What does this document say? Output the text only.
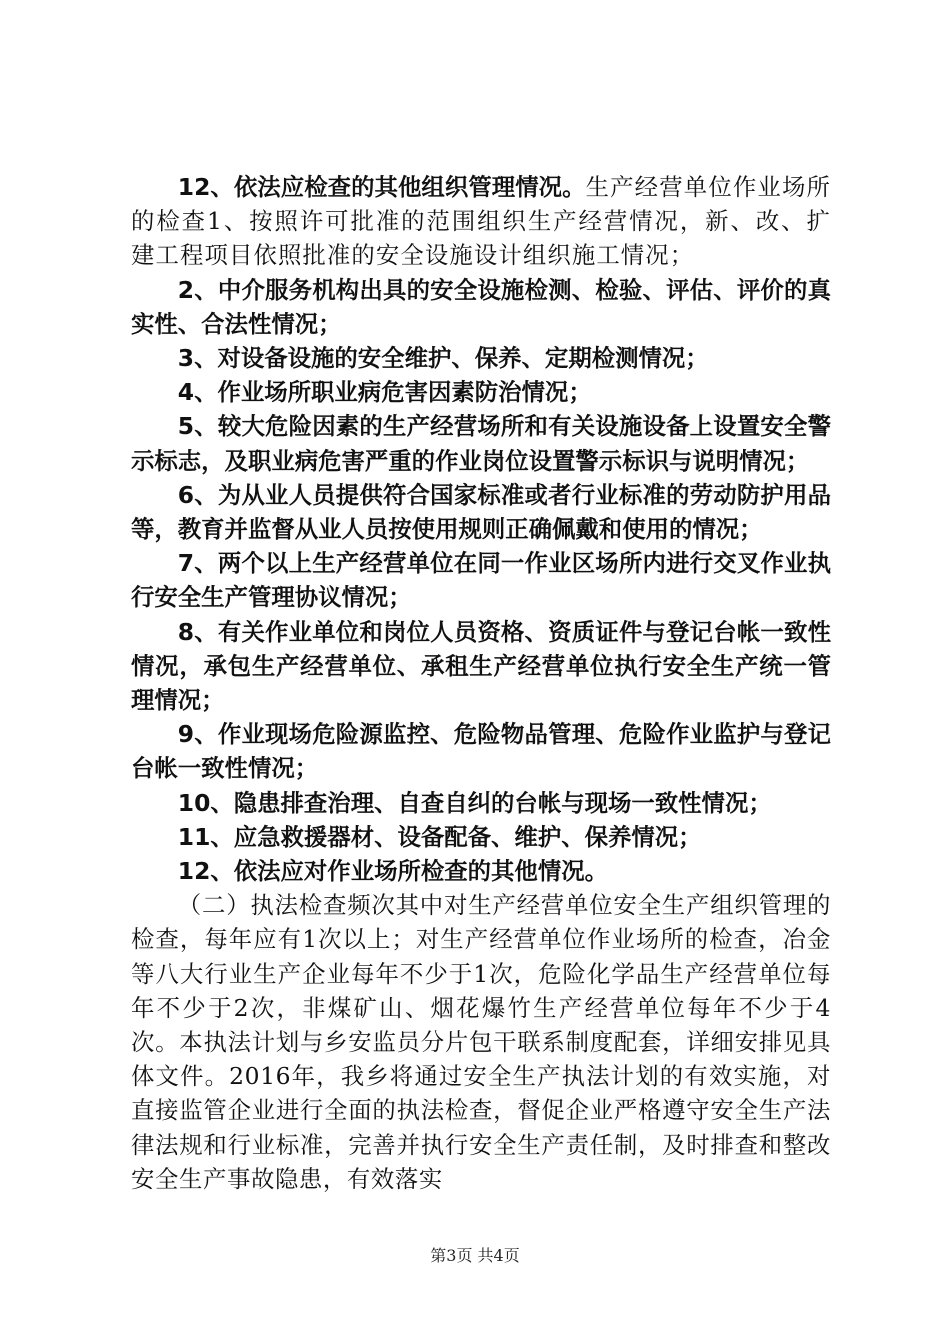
12、依法应检查的其他组织管理情况。生产经营单位作业场所的检查1、按照许可批准的范围组织生产经营情况，新、改、扩建工程项目依照批准的安全设施设计组织施工情况；

2、中介服务机构出具的安全设施检测、检验、评估、评价的真实性、合法性情况；

3、对设备设施的安全维护、保养、定期检测情况；

4、作业场所职业病危害因素防治情况；

5、较大危险因素的生产经营场所和有关设施设备上设置安全警示标志，及职业病危害严重的作业岗位设置警示标识与说明情况；

6、为从业人员提供符合国家标准或者行业标准的劳动防护用品等，教育并监督从业人员按使用规则正确佩戴和使用的情况；

7、两个以上生产经营单位在同一作业区场所内进行交叉作业执行安全生产管理协议情况；

8、有关作业单位和岗位人员资格、资质证件与登记台帐一致性情况，承包生产经营单位、承租生产经营单位执行安全生产统一管理情况；

9、作业现场危险源监控、危险物品管理、危险作业监护与登记台帐一致性情况；

10、隐患排查治理、自查自纠的台帐与现场一致性情况；

11、应急救援器材、设备配备、维护、保养情况；

12、依法应对作业场所检查的其他情况。

（二）执法检查频次其中对生产经营单位安全生产组织管理的检查，每年应有1次以上；对生产经营单位作业场所的检查，冶金等八大行业生产企业每年不少于1次，危险化学品生产经营单位每年不少于2次，非煤矿山、烟花爆竹生产经营单位每年不少于4次。本执法计划与乡安监员分片包干联系制度配套，详细安排见具体文件。2016年，我乡将通过安全生产执法计划的有效实施，对直接监管企业进行全面的执法检查，督促企业严格遵守安全生产法律法规和行业标准，完善并执行安全生产责任制，及时排查和整改安全生产事故隐患，有效落实

第3页 共4页
